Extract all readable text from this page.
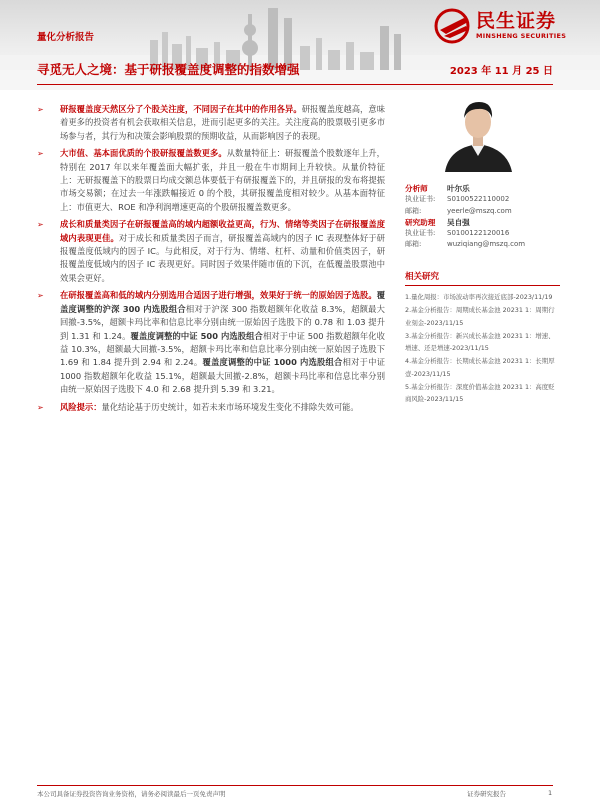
量化分析报告
民生证券
MINSHENG SECURITIES
寻觅无人之境：基于研报覆盖度调整的指数增强	2023 年 11 月 25 日
➢ 研报覆盖度天然区分了个股关注度，不同因子在其中的作用各异。研报覆盖度越高，意味着更多的投资者有机会获取相关信息，进而引起更多的关注。关注度高的股票吸引更多市场参与者，其行为和决策会影响股票的预期收益，从而影响因子的表现。
➢ 大市值、基本面优质的个股研报覆盖数更多。从数量特征上：研报覆盖个股数逐年上升，特别在 2017 年以来年覆盖面大幅扩张，并且一般在牛市期间上升较快。从量价特征上：无研报覆盖下的股票日均成交额总体要低于有研报覆盖下的，并且研报的发布将提振市场交易额；在过去一年涨跌幅接近 0 的个股，其研报覆盖度相对较少。从基本面特征上：市值更大、ROE 和净利润增速更高的个股研报覆盖数更多。
➢ 成长和质量类因子在研报覆盖高的域内超额收益更高，行为、情绪等类因子在研报覆盖度域内表现更佳。对于成长和质量类因子而言，研报覆盖高域内的因子 IC 表现整体好于研报覆盖度低域内的因子 IC。与此相反，对于行为、情绪、杠杆、动量和价值类因子，研报覆盖度低域内的因子 IC 表现更好。同时因子效果伴随市值的下沉，在低覆盖股票池中效果会更好。
➢ 在研报覆盖高和低的域内分别选用合适因子进行增强，效果好于统一的原始因子选股。覆盖度调整的沪深 300 内选股组合相对于沪深 300 指数超额年化收益 8.3%，超额最大回撤-3.5%，超额卡玛比率和信息比率分别由统一原始因子选股下的 0.78 和 1.03 提升到 1.31 和 1.24。覆盖度调整的中证 500 内选股组合相对于中证 500 指数超额年化收益 10.3%，超额最大回撤-3.5%，超额卡玛比率和信息比率分别由统一原始因子选股下 1.69 和 1.84 提升到 2.94 和 2.24。覆盖度调整的中证 1000 内选股组合相对于中证 1000 指数超额年化收益 15.1%，超额最大回撤-2.8%，超额卡玛比率和信息比率分别由统一原始因子选股下 4.0 和 2.68 提升到 5.39 和 3.21。
➢ 风险提示：量化结论基于历史统计，如若未来市场环境发生变化不排除失效可能。
分析师	叶尔乐
执业证书:	S0100522110002
邮箱:	yeerle@mszq.com
研究助理	吴自强
执业证书:	S0100122120016
邮箱:	wuziqiang@mszq.com
相关研究
1.量化周报：市场波动率再次接近底部-2023/11/19
2.基金分析报告：周期成长基金池 20231 1：周期行业刻金-2023/11/15
3.基金分析报告：新兴成长基金池 20231 1：增速、增速、还是增速-2023/11/15
4.基金分析报告：长期成长基金池 20231 1：长期厚壹-2023/11/15
5.基金分析报告：深度价值基金池 20231 1：高度贬商风险-2023/11/15
本公司具备证券投资咨询业务资格，请务必阅读最后一页免责声明	证券研究报告	1
